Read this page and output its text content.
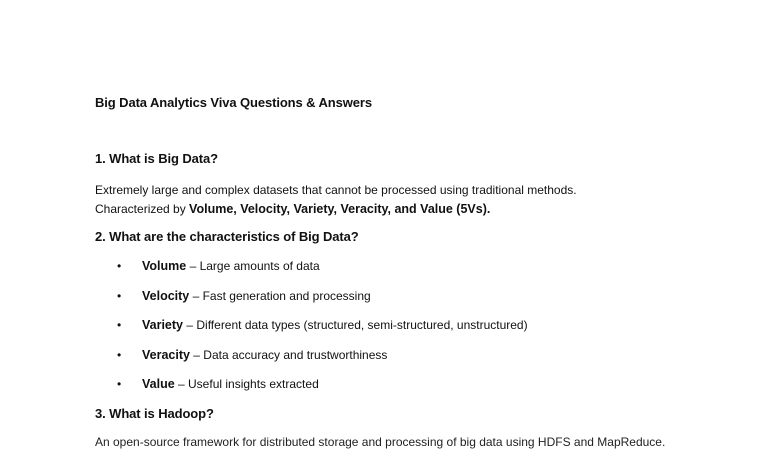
Big Data Analytics Viva Questions & Answers
1. What is Big Data?
Extremely large and complex datasets that cannot be processed using traditional methods.
Characterized by Volume, Velocity, Variety, Veracity, and Value (5Vs).
2. What are the characteristics of Big Data?
• Volume – Large amounts of data
• Velocity – Fast generation and processing
• Variety – Different data types (structured, semi-structured, unstructured)
• Veracity – Data accuracy and trustworthiness
• Value – Useful insights extracted
3. What is Hadoop?
An open-source framework for distributed storage and processing of big data using HDFS and MapReduce.
